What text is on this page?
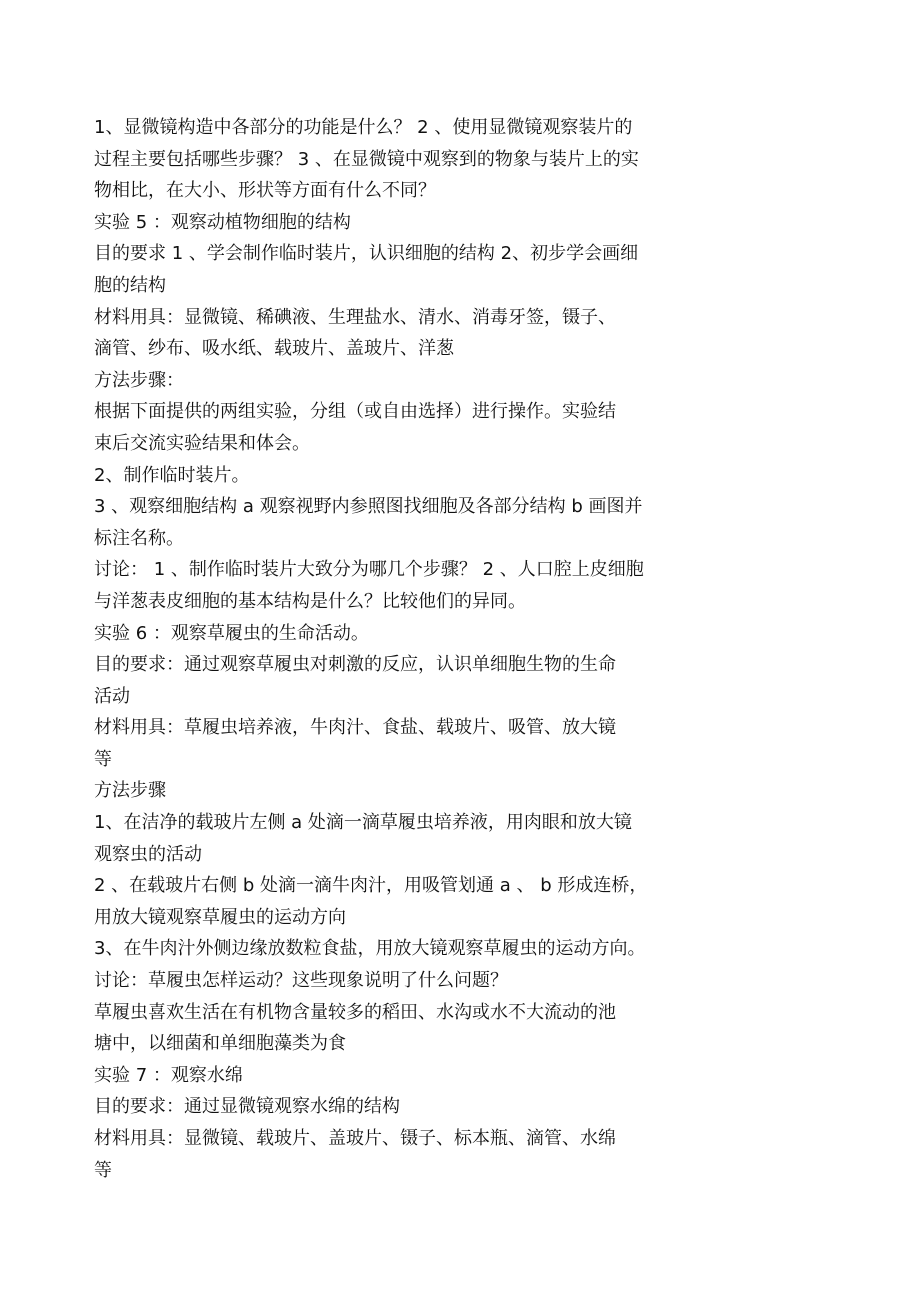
1、显微镜构造中各部分的功能是什么？ 2 、使用显微镜观察装片的
过程主要包括哪些步骤？ 3 、在显微镜中观察到的物象与装片上的实
物相比，在大小、形状等方面有什么不同？
实验 5 ：观察动植物细胞的结构
目的要求 1 、学会制作临时装片，认识细胞的结构 2、初步学会画细
胞的结构
材料用具：显微镜、稀碘液、生理盐水、清水、消毒牙签，镊子、
滴管、纱布、吸水纸、载玻片、盖玻片、洋葱
方法步骤：
根据下面提供的两组实验，分组（或自由选择）进行操作。实验结
束后交流实验结果和体会。
2、制作临时装片。
3 、观察细胞结构 a 观察视野内参照图找细胞及各部分结构 b 画图并
标注名称。
讨论： 1 、制作临时装片大致分为哪几个步骤？ 2 、人口腔上皮细胞
与洋葱表皮细胞的基本结构是什么？比较他们的异同。
实验 6 ：观察草履虫的生命活动。
目的要求：通过观察草履虫对刺激的反应，认识单细胞生物的生命
活动
材料用具：草履虫培养液，牛肉汁、食盐、载玻片、吸管、放大镜
等
方法步骤
1、在洁净的载玻片左侧 a 处滴一滴草履虫培养液，用肉眼和放大镜
观察虫的活动
2 、在载玻片右侧 b 处滴一滴牛肉汁，用吸管划通 a 、 b 形成连桥，
用放大镜观察草履虫的运动方向
3、在牛肉汁外侧边缘放数粒食盐，用放大镜观察草履虫的运动方向。
讨论：草履虫怎样运动？这些现象说明了什么问题？
草履虫喜欢生活在有机物含量较多的稻田、水沟或水不大流动的池
塘中，以细菌和单细胞藻类为食
实验 7 ：观察水绵
目的要求：通过显微镜观察水绵的结构
材料用具：显微镜、载玻片、盖玻片、镊子、标本瓶、滴管、水绵
等
